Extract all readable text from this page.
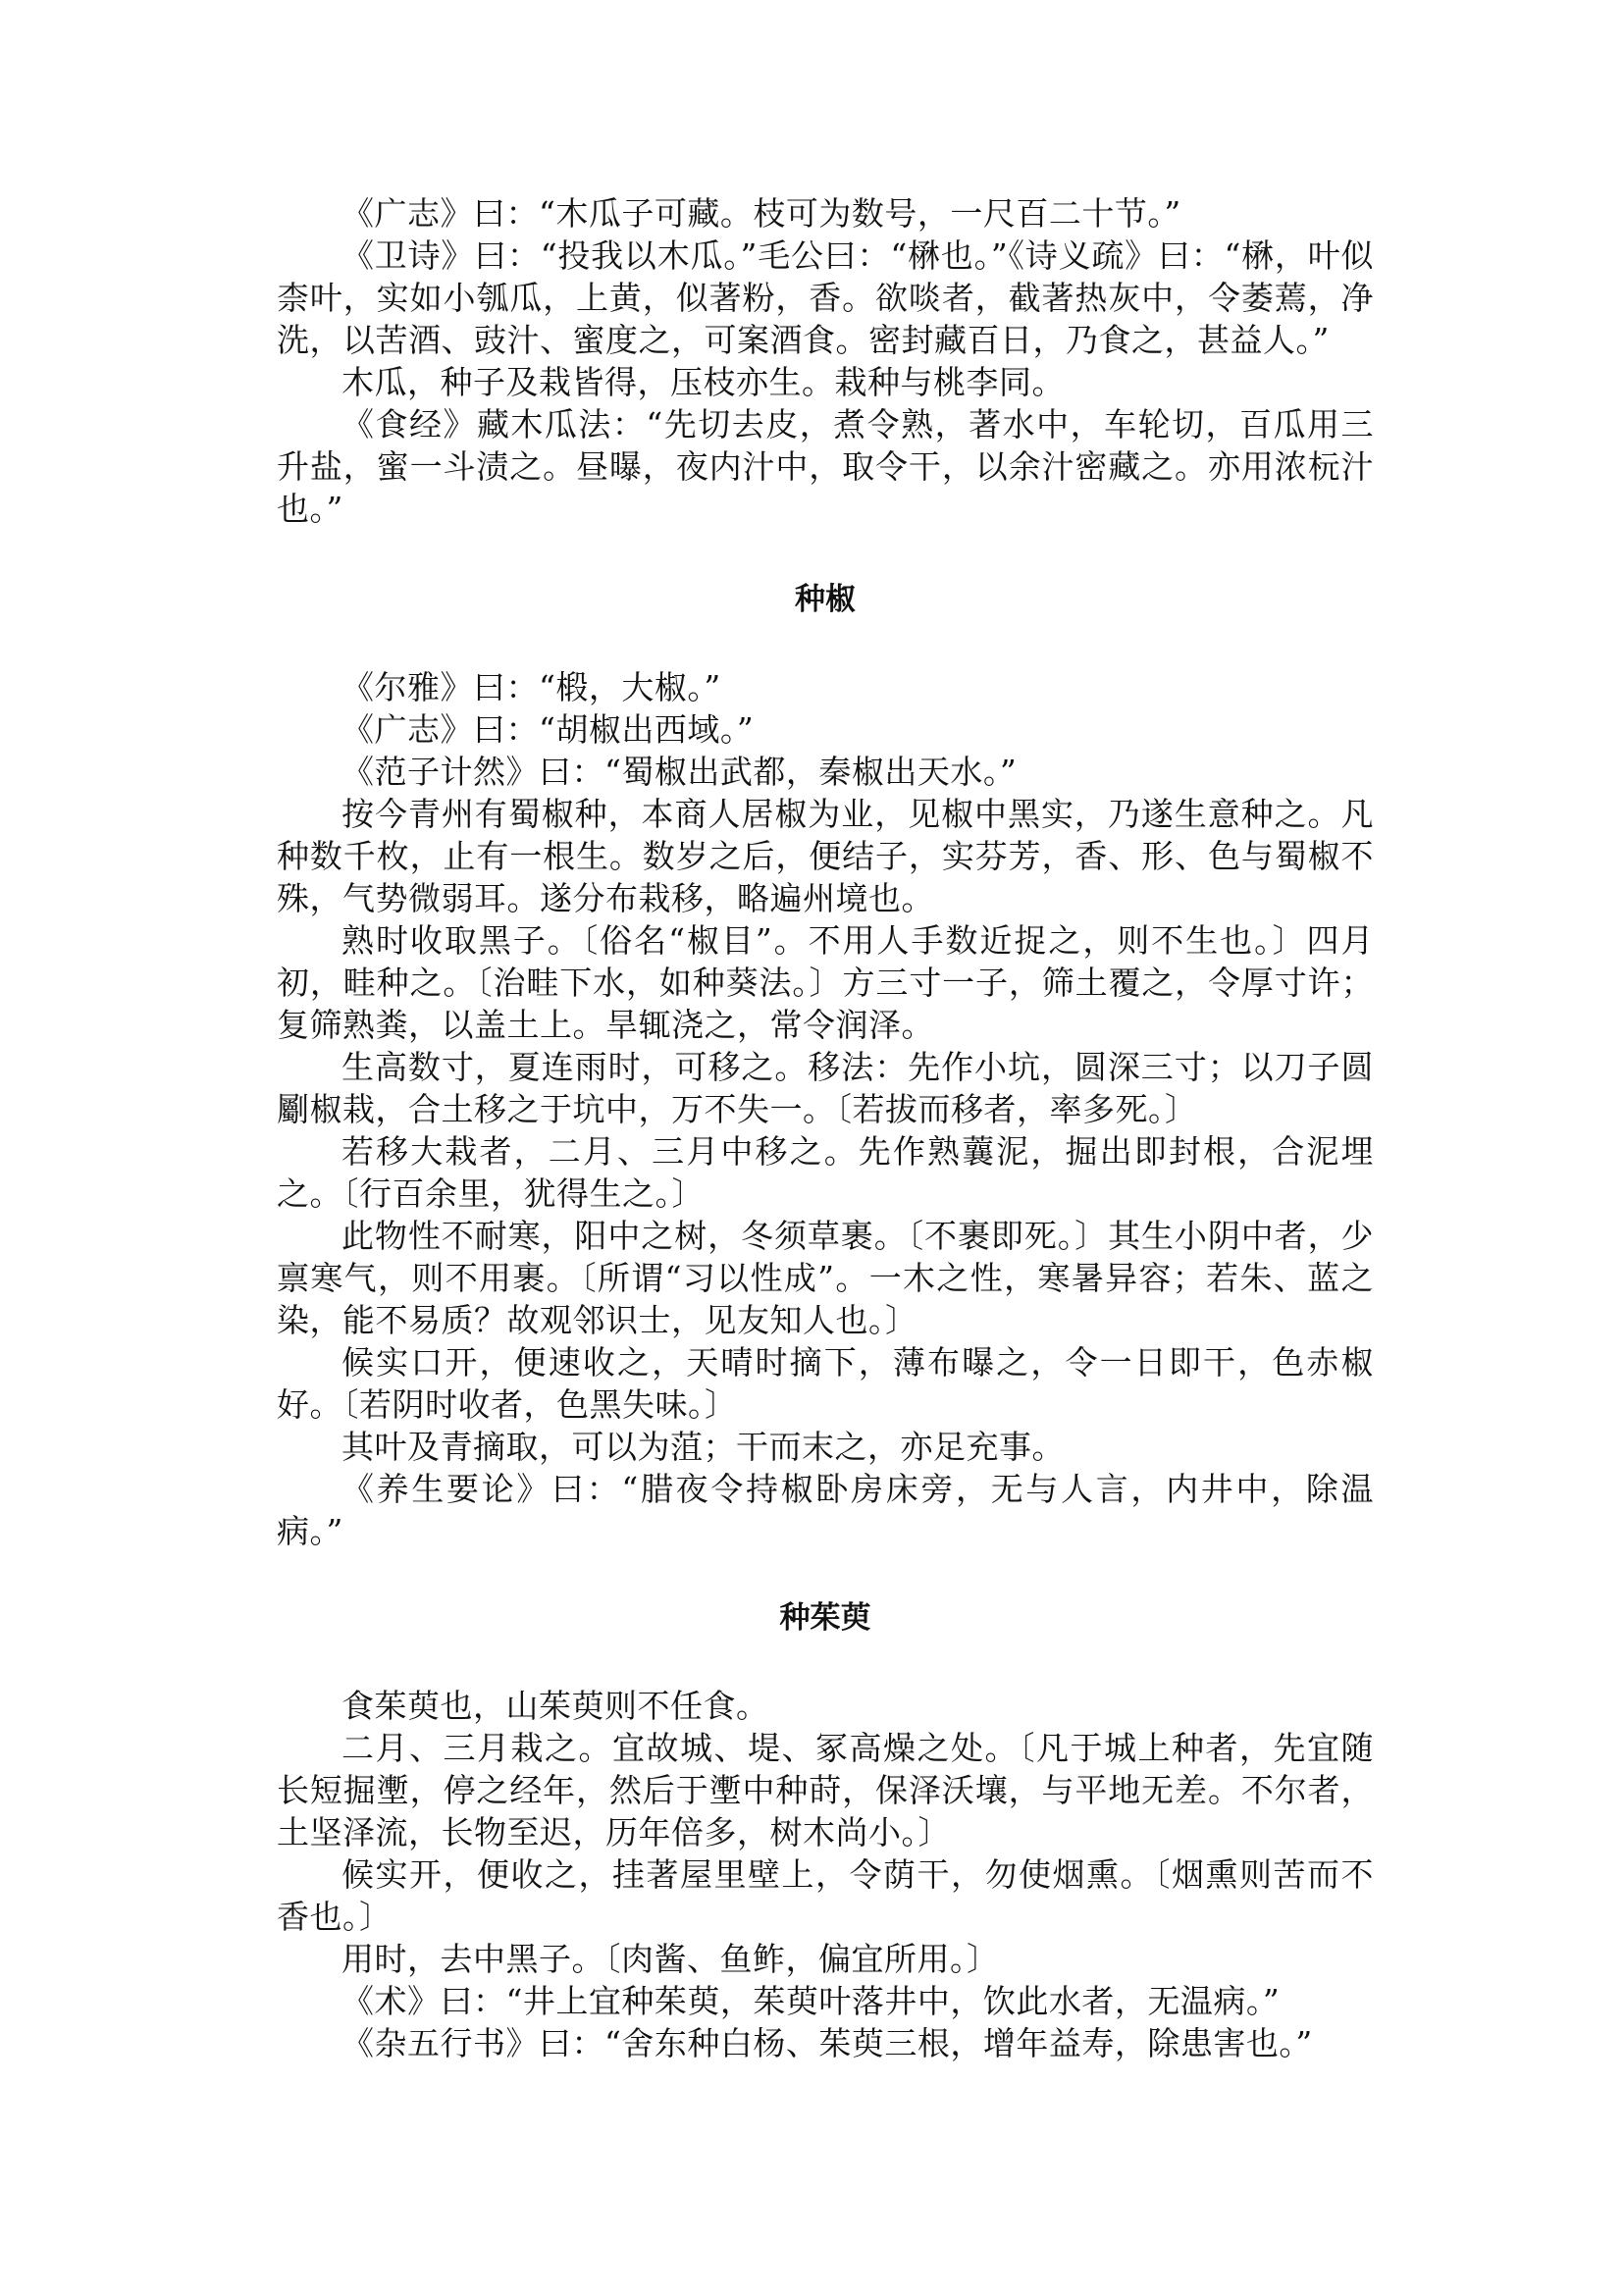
《广志》曰：“木瓜子可藏。枝可为数号，一尺百二十节。”

《卫诗》曰：“投我以木瓜。”毛公曰：“楙也。”《诗义疏》曰：“楙，叶似柰叶，实如小瓠瓜，上黄，似著粉，香。欲啖者，截著热灰中，令萎蔫，净洗，以苦酒、豉汁、蜜度之，可案酒食。密封藏百日，乃食之，甚益人。”

木瓜，种子及栽皆得，压枝亦生。栽种与桃李同。

《食经》藏木瓜法：“先切去皮，煮令熟，著水中，车轮切，百瓜用三升盐，蜜一斗渍之。昼曝，夜内汁中，取令干，以余汁密藏之。亦用浓杬汁也。”

种椒

《尔雅》曰：“椴，大椒。”

《广志》曰：“胡椒出西域。”

《范子计然》曰：“蜀椒出武都，秦椒出天水。”

按今青州有蜀椒种，本商人居椒为业，见椒中黑实，乃遂生意种之。凡种数千枚，止有一根生。数岁之后，便结子，实芬芳，香、形、色与蜀椒不殊，气势微弱耳。遂分布栽移，略遍州境也。

熟时收取黑子。〔俗名“椒目”。不用人手数近捉之，则不生也。〕四月初，畦种之。〔治畦下水，如种葵法。〕方三寸一子，筛土覆之，令厚寸许；复筛熟粪，以盖土上。旱辄浇之，常令润泽。

生高数寸，夏连雨时，可移之。移法：先作小坑，圆深三寸；以刀子圆劚椒栽，合土移之于坑中，万不失一。〔若拔而移者，率多死。〕

若移大栽者，二月、三月中移之。先作熟蘘泥，掘出即封根，合泥埋之。〔行百余里，犹得生之。〕

此物性不耐寒，阳中之树，冬须草裹。〔不裹即死。〕其生小阴中者，少禀寒气，则不用裹。〔所谓“习以性成”。一木之性，寒暑异容；若朱、蓝之染，能不易质？故观邻识士，见友知人也。〕

候实口开，便速收之，天晴时摘下，薄布曝之，令一日即干，色赤椒好。〔若阴时收者，色黑失味。〕

其叶及青摘取，可以为菹；干而末之，亦足充事。

《养生要论》曰：“腊夜令持椒卧房床旁，无与人言，内井中，除温病。”

种茱萸

食茱萸也，山茱萸则不任食。

二月、三月栽之。宜故城、堤、冢高燥之处。〔凡于城上种者，先宜随长短掘壍，停之经年，然后于壍中种莳，保泽沃壤，与平地无差。不尔者，土坚泽流，长物至迟，历年倍多，树木尚小。〕

候实开，便收之，挂著屋里壁上，令荫干，勿使烟熏。〔烟熏则苦而不香也。〕

用时，去中黑子。〔肉酱、鱼鲊，偏宜所用。〕

《术》曰：“井上宜种茱萸，茱萸叶落井中，饮此水者，无温病。”

《杂五行书》曰：“舍东种白杨、茱萸三根，增年益寿，除患害也。”
